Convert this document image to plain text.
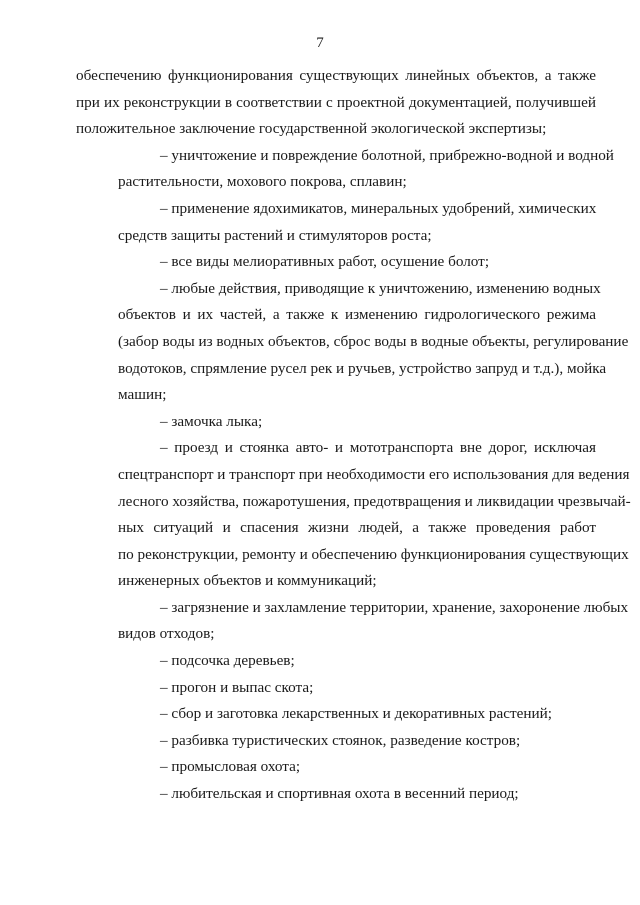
7
обеспечению функционирования существующих линейных объектов, а также
при их реконструкции в соответствии с проектной документацией, получившей
положительное заключение государственной экологической экспертизы;
– уничтожение и повреждение болотной, прибрежно-водной и водной
растительности, мохового покрова, сплавин;
– применение ядохимикатов, минеральных удобрений, химических
средств защиты растений и стимуляторов роста;
– все виды мелиоративных работ, осушение болот;
– любые действия, приводящие к уничтожению, изменению водных
объектов и их частей, а также к изменению гидрологического режима
(забор воды из водных объектов, сброс воды в водные объекты, регулирование
водотоков, спрямление русел рек и ручьев, устройство запруд и т.д.), мойка
машин;
– замочка лыка;
– проезд и стоянка авто- и мототранспорта вне дорог, исключая
спецтранспорт и транспорт при необходимости его использования для ведения
лесного хозяйства, пожаротушения, предотвращения и ликвидации чрезвычай-
ных ситуаций и спасения жизни людей, а также проведения работ
по реконструкции, ремонту и обеспечению функционирования существующих
инженерных объектов и коммуникаций;
– загрязнение и захламление территории, хранение, захоронение любых
видов отходов;
– подсочка деревьев;
– прогон и выпас скота;
– сбор и заготовка лекарственных и декоративных растений;
– разбивка туристических стоянок, разведение костров;
– промысловая охота;
– любительская и спортивная охота в весенний период;
